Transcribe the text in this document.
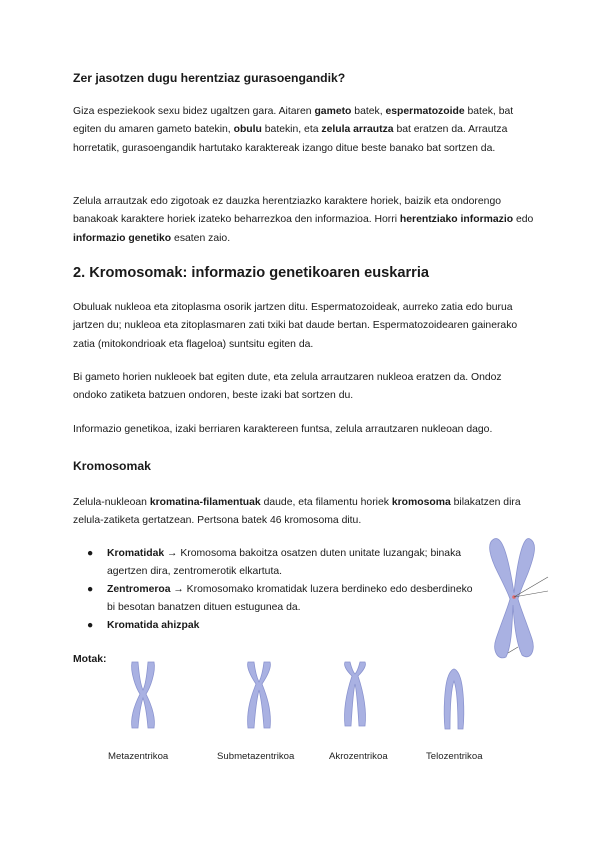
Zer jasotzen dugu herentziaz gurasoengandik?
Giza espeziekook sexu bidez ugaltzen gara. Aitaren gameto batek, espermatozoide batek, bat egiten du amaren gameto batekin, obulu batekin, eta zelula arrautza bat eratzen da. Arrautza horretatik, gurasoengandik hartutako karaktereak izango ditue beste banako bat sortzen da.
Zelula arrautzak edo zigotoak ez dauzka herentziazko karaktere horiek, baizik eta ondorengo banakoak karaktere horiek izateko beharrezkoa den informazioa. Horri herentziako informazio edo informazio genetiko esaten zaio.
2. Kromosomak: informazio genetikoaren euskarria
Obuluak nukleoa eta zitoplasma osorik jartzen ditu. Espermatozoideak, aurreko zatia edo burua jartzen du; nukleoa eta zitoplasmaren zati txiki bat daude bertan. Espermatozoidearen gainerako zatia (mitokondrioak eta flageloa) suntsitu egiten da.
Bi gameto horien nukleoek bat egiten dute, eta zelula arrautzaren nukleoa eratzen da. Ondoz ondoko zatiketa batzuen ondoren, beste izaki bat sortzen du.
Informazio genetikoa, izaki berriaren karaktereen funtsa, zelula arrautzaren nukleoan dago.
Kromosomak
Zelula-nukleoan kromatina-filamentuak daude, eta filamentu horiek kromosoma bilakatzen dira zelula-zatiketa gertatzean. Pertsona batek 46 kromosoma ditu.
● Kromatidak → Kromosoma bakoitza osatzen duten unitate luzangak; binaka agertzen dira, zentromerotik elkartuta.
● Zentromeroa → Kromosomako kromatidak luzera berdineko edo desberdineko bi besotan banatzen dituen estugunea da.
● Kromatida ahizpak
Motak:
Metazentrikoa	Submetazentrikoa	Akrozentrikoa	Telozentrikoa
